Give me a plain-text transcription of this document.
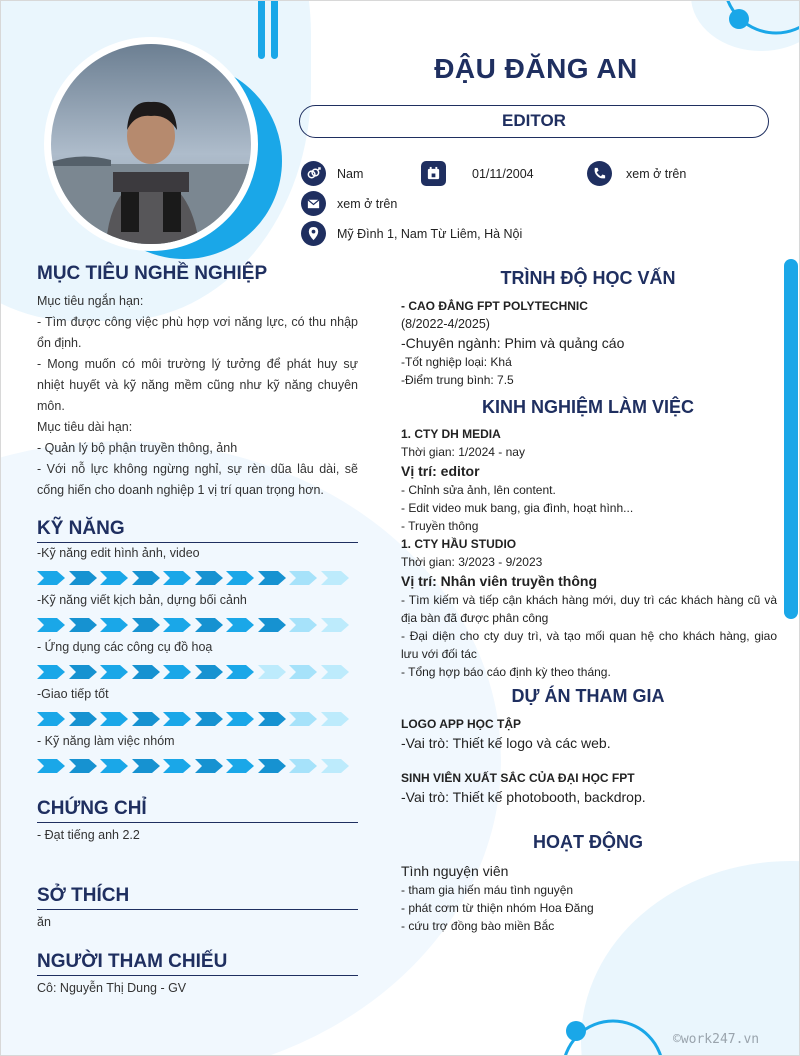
ĐẬU ĐĂNG AN
EDITOR
Nam	01/11/2004	xem ở trên
xem ở trên
Mỹ Đình 1, Nam Từ Liêm, Hà Nội
MỤC TIÊU NGHỀ NGHIỆP
Mục tiêu ngắn hạn:
- Tìm được công việc phù hợp vơi năng lực, có thu nhập ổn định.
- Mong muốn có môi trường lý tưởng để phát huy sự nhiệt huyết và kỹ năng mềm cũng như kỹ năng chuyên môn.
Mục tiêu dài hạn:
- Quản lý bộ phận truyền thông, ảnh
- Với nỗ lực không ngừng nghỉ, sự rèn dũa lâu dài, sẽ cống hiến cho doanh nghiệp 1 vị trí quan trọng hơn.
KỸ NĂNG
-Kỹ năng edit hình ảnh, video
-Kỹ năng viết kịch bản, dựng bối cảnh
- Ứng dụng các công cụ đồ hoạ
-Giao tiếp tốt
- Kỹ năng làm việc nhóm
CHỨNG CHỈ
- Đạt tiếng anh 2.2
SỞ THÍCH
ăn
NGƯỜI THAM CHIẾU
Cô: Nguyễn Thị Dung - GV
TRÌNH ĐỘ HỌC VẤN
- CAO ĐẲNG FPT POLYTECHNIC
(8/2022-4/2025)
-Chuyên ngành: Phim và quảng cáo
-Tốt nghiệp loại: Khá
-Điểm trung bình: 7.5
KINH NGHIỆM LÀM VIỆC
1. CTY DH MEDIA
Thời gian: 1/2024 - nay
Vị trí: editor
- Chỉnh sửa ảnh, lên content.
- Edit video muk bang, gia đình, hoạt hình...
- Truyền thông
1. CTY HẦU STUDIO
Thời gian: 3/2023 - 9/2023
Vị trí: Nhân viên truyền thông
- Tìm kiếm và tiếp cận khách hàng mới, duy trì các khách hàng cũ và địa bàn đã được phân công
- Đại diện cho cty duy trì, và tạo mối quan hệ cho khách hàng, giao lưu với đối tác
- Tổng hợp báo cáo định kỳ theo tháng.
DỰ ÁN THAM GIA
LOGO APP HỌC TẬP
-Vai trò: Thiết kế logo và các web.
SINH VIÊN XUẤT SẮC CỦA ĐẠI HỌC FPT
-Vai trò: Thiết kế photobooth, backdrop.
HOẠT ĐỘNG
Tình nguyện viên
- tham gia hiến máu tình nguyện
- phát cơm từ thiện nhóm Hoa Đăng
- cứu trợ đồng bào miền Bắc
©work247.vn
